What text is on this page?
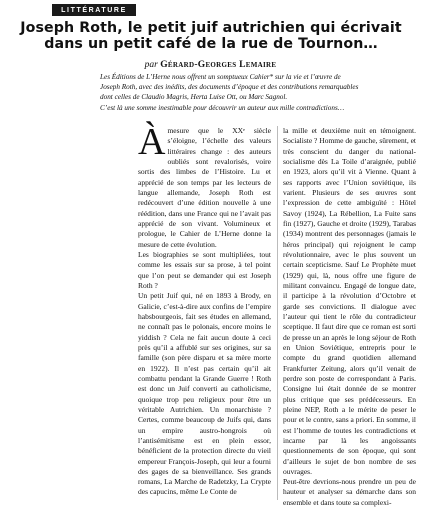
LITTÉRATURE
Joseph Roth, le petit juif autrichien qui écrivait dans un petit café de la rue de Tournon…
par Gérard-Georges Lemaire

Les Éditions de L’Herne nous offrent un somptueux Cahier* sur la vie et l’œuvre de Joseph Roth, avec des inédits, des documents d’époque et des contributions remarquables dont celles de Claudio Magris, Herta Luise Ott, ou Marc Sagnol.

C’est là une somme inestimable pour découvrir un auteur aux mille contradictions…

Àmesure que le XXᵉ siècle s’éloigne, l’échelle des valeurs littéraires change : des auteurs oubliés sont revalorisés, voire sortis des limbes de l’Histoire. Lu et apprécié de son temps par les lecteurs de langue allemande, Joseph Roth est redécouvert d’une édition nouvelle à une réédition, dans une France qui ne l’avait pas apprécié de son vivant. Volumineux et prologue, le Cahier de L’Herne donne la mesure de cette évolution.

Les biographies se sont multipliées, tout comme les essais sur sa prose, à tel point que l’on peut se demander qui est Joseph Roth ?

Un petit Juif qui, né en 1893 à Brody, en Galicie, c’est-à-dire aux confins de l’empire habsbourgeois, fait ses études en allemand, ne connaît pas le polonais, encore moins le yiddish ? Cela ne fait aucun doute à ceci près qu’il a affublé sur ses origines, sur sa famille (son père disparu et sa mère morte en 1922). Il n’est pas certain qu’il ait combattu pendant la Grande Guerre ! Roth est donc un Juif converti au catholicisme, quoique trop peu religieux pour être un véritable Autrichien. Un monarchiste ? Certes, comme beaucoup de Juifs qui, dans un empire austro-hongrois où l’antisémitisme est en plein essor, bénéficient de la protection directe du vieil empereur François-Joseph, qui leur a fourni des gages de sa bienveillance. Ses grands romans, La Marche de Radetzky, La Crypte des capucins, même Le Conte de

la mille et deuxième nuit en témoignent. Socialiste ? Homme de gauche, sûrement, et très conscient du danger du national-socialisme dès La Toile d’araignée, publié en 1923, alors qu’il vit à Vienne. Quant à ses rapports avec l’Union soviétique, ils varient. Plusieurs de ses œuvres sont l’expression de cette ambiguïté : Hôtel Savoy (1924), La Rébellion, La Fuite sans fin (1927), Gauche et droite (1929), Tarabas (1934) montrent des personnages (jamais le héros principal) qui rejoignent le camp révolutionnaire, avec le plus souvent un certain scepticisme. Sauf Le Prophète muet (1929) qui, là, nous offre une figure de militant convaincu. Engagé de longue date, il participe à la révolution d’Octobre et garde ses convictions. Il dialogue avec l’auteur qui tient le rôle du contradicteur sceptique. Il faut dire que ce roman est sorti de presse un an après le long séjour de Roth en Union Soviétique, entrepris pour le compte du grand quotidien allemand Frankfurter Zeitung, alors qu’il venait de perdre son poste de correspondant à Paris. Consigne lui était donnée de se montrer plus critique que ses prédécesseurs. En pleine NEP, Roth a le mérite de peser le pour et le contre, sans a priori. En somme, il est l’homme de toutes les contradictions et incarne par là les angoissants questionnements de son époque, qui sont d’ailleurs le sujet de bon nombre de ses ouvrages.

Peut-être devrions-nous prendre un peu de hauteur et analyser sa démarche dans son ensemble et dans toute sa complexi-
